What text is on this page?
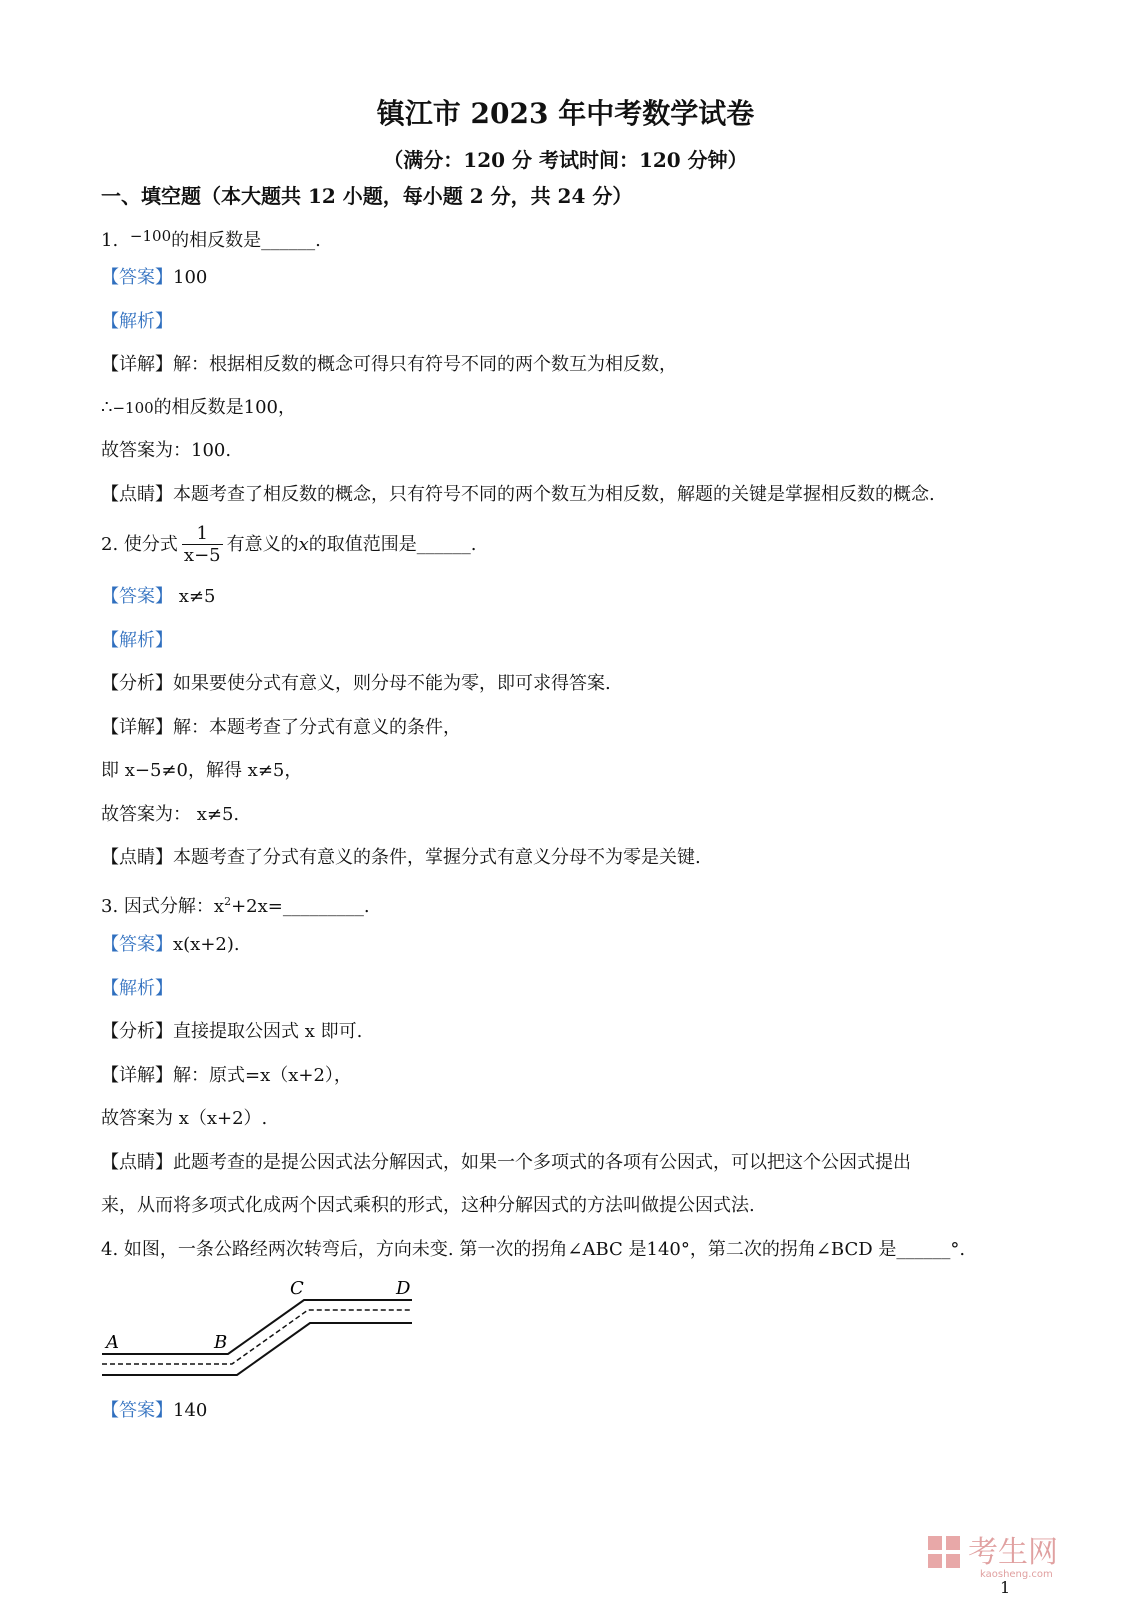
镇江市 2023 年中考数学试卷
（满分：120 分 考试时间：120 分钟）
一、填空题（本大题共 12 小题，每小题 2 分，共 24 分）
1. $^{-100}$的相反数是______.
【答案】100
【解析】
【详解】解：根据相反数的概念可得只有符号不同的两个数互为相反数，
∴−100的相反数是100，
故答案为：100.
【点睛】本题考查了相反数的概念，只有符号不同的两个数互为相反数，解题的关键是掌握相反数的概念.
2. 使分式 $\frac{1}{x-5}$ 有意义的x的取值范围是______.
【答案】 x≠5
【解析】
【分析】如果要使分式有意义，则分母不能为零，即可求得答案.
【详解】解：本题考查了分式有意义的条件，
即 x−5≠0，解得 x≠5，
故答案为： x≠5.
【点睛】本题考查了分式有意义的条件，掌握分式有意义分母不为零是关键.
3. 因式分解：$x^2+2x=\_\_\_\_\_\_\_\_\_$.
【答案】x(x+2).
【解析】
【分析】直接提取公因式 x 即可.
【详解】解：原式=x（x+2），
故答案为 x（x+2）.
【点睛】此题考查的是提公因式法分解因式，如果一个多项式的各项有公因式，可以把这个公因式提出
来，从而将多项式化成两个因式乘积的形式，这种分解因式的方法叫做提公因式法.
4. 如图，一条公路经两次转弯后，方向未变. 第一次的拐角∠ABC 是140°，第二次的拐角∠BCD 是______°.
A	B
C	D
【答案】140
考生网
kaosheng.com
1
